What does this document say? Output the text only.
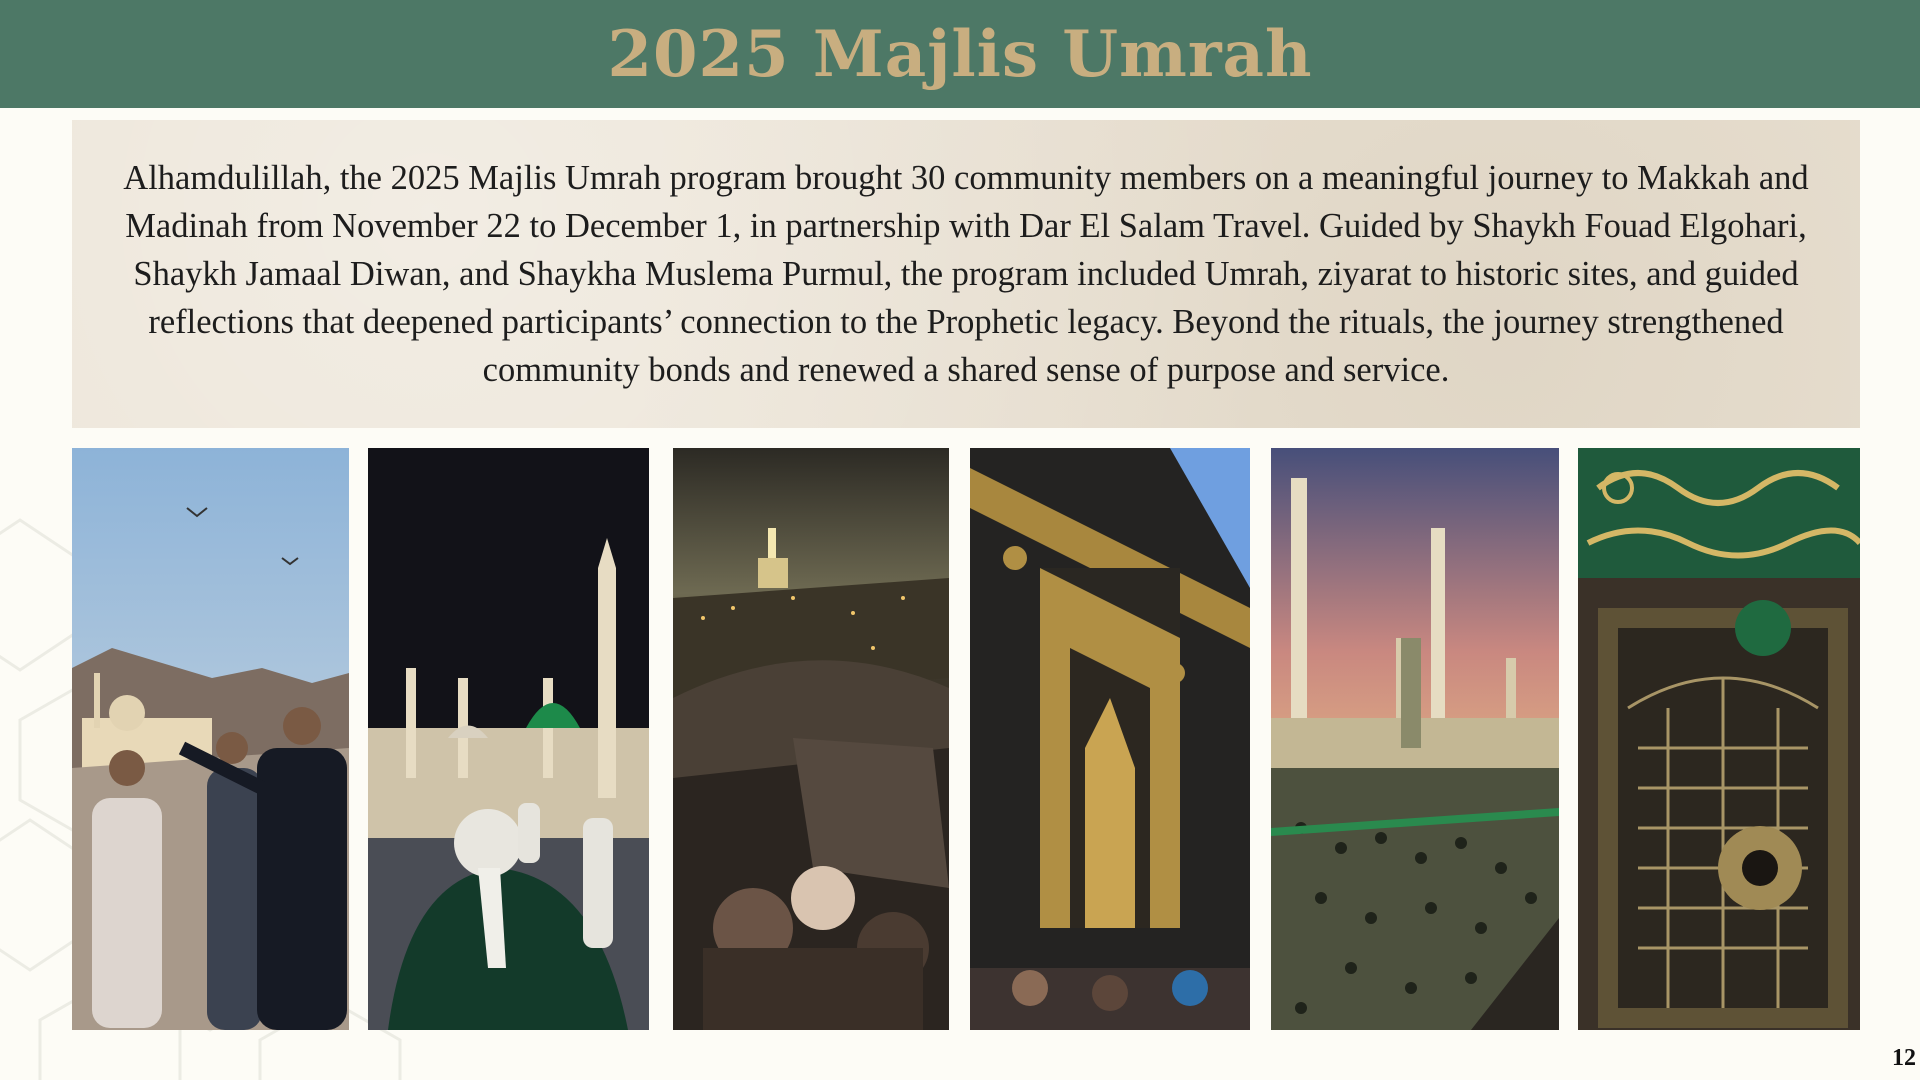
2025 Majlis Umrah

Alhamdulillah, the 2025 Majlis Umrah program brought 30 community members on a meaningful journey to Makkah and Madinah from November 22 to December 1, in partnership with Dar El Salam Travel. Guided by Shaykh Fouad Elgohari, Shaykh Jamaal Diwan, and Shaykha Muslema Purmul, the program included Umrah, ziyarat to historic sites, and guided reflections that deepened participants’ connection to the Prophetic legacy. Beyond the rituals, the journey strengthened community bonds and renewed a shared sense of purpose and service.

12
